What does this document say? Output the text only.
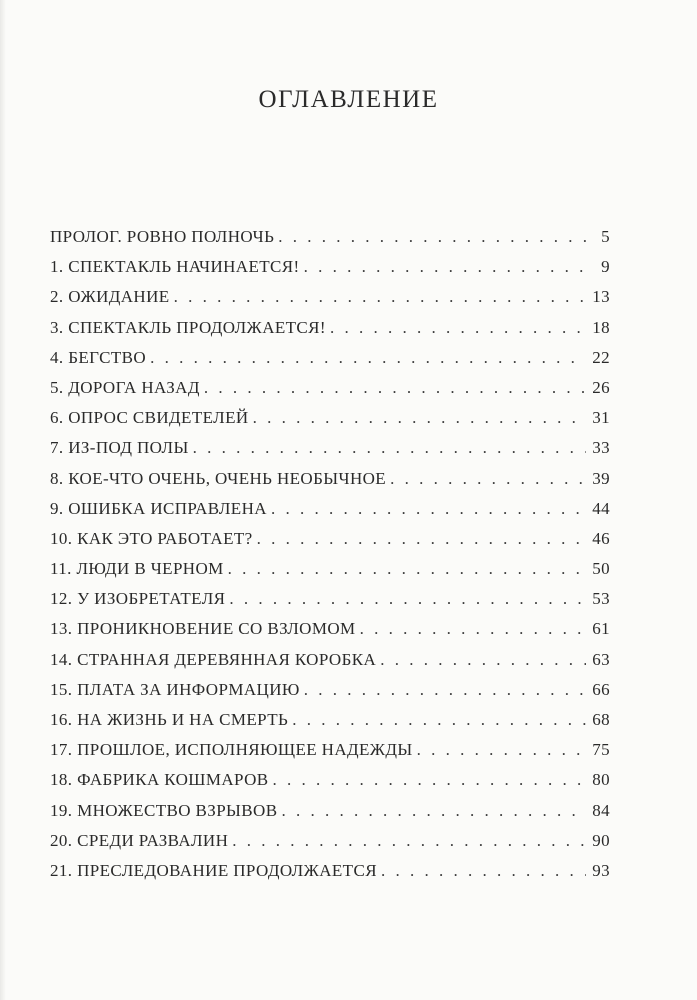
ОГЛАВЛЕНИЕ
ПРОЛОГ. РОВНО ПОЛНОЧЬ . . .	5
1. СПЕКТАКЛЬ НАЧИНАЕТСЯ! . . .	9
2. ОЖИДАНИЕ . . .	13
3. СПЕКТАКЛЬ ПРОДОЛЖАЕТСЯ! . . .	18
4. БЕГСТВО . . .	22
5. ДОРОГА НАЗАД . . .	26
6. ОПРОС СВИДЕТЕЛЕЙ . . .	31
7. ИЗ-ПОД ПОЛЫ . . .	33
8. КОЕ-ЧТО ОЧЕНЬ, ОЧЕНЬ НЕОБЫЧНОЕ . . .	39
9. ОШИБКА ИСПРАВЛЕНА . . .	44
10. КАК ЭТО РАБОТАЕТ? . . .	46
11. ЛЮДИ В ЧЕРНОМ . . .	50
12. У ИЗОБРЕТАТЕЛЯ . . .	53
13. ПРОНИКНОВЕНИЕ СО ВЗЛОМОМ . . .	61
14. СТРАННАЯ ДЕРЕВЯННАЯ КОРОБКА . . .	63
15. ПЛАТА ЗА ИНФОРМАЦИЮ . . .	66
16. НА ЖИЗНЬ И НА СМЕРТЬ . . .	68
17. ПРОШЛОЕ, ИСПОЛНЯЮЩЕЕ НАДЕЖДЫ . . .	75
18. ФАБРИКА КОШМАРОВ . . .	80
19. МНОЖЕСТВО ВЗРЫВОВ . . .	84
20. СРЕДИ РАЗВАЛИН . . .	90
21. ПРЕСЛЕДОВАНИЕ ПРОДОЛЖАЕТСЯ . . .	93
